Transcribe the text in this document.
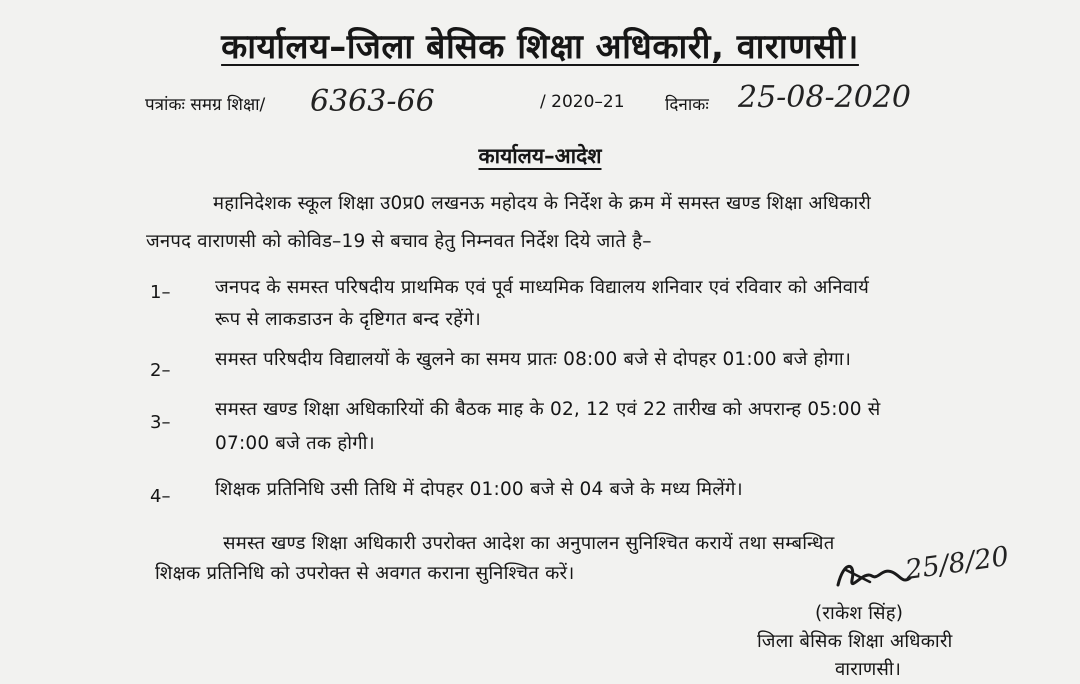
कार्यालय–जिला बेसिक शिक्षा अधिकारी, वाराणसी।
पत्रांकः समग्र शिक्षा/ 6363-66	/ 2020–21 दिनाकः 25-08-2020
कार्यालय–आदेश
महानिदेशक स्कूल शिक्षा उ0प्र0 लखनऊ महोदय के निर्देश के क्रम में समस्त खण्ड शिक्षा अधिकारी
जनपद वाराणसी को कोविड–19 से बचाव हेतु निम्नवत निर्देश दिये जाते है–
1– जनपद के समस्त परिषदीय प्राथमिक एवं पूर्व माध्यमिक विद्यालय शनिवार एवं रविवार को अनिवार्य
रूप से लाकडाउन के दृष्टिगत बन्द रहेंगे।
2–
समस्त परिषदीय विद्यालयों के खुलने का समय प्रातः 08:00 बजे से दोपहर 01:00 बजे होगा।
3–
समस्त खण्ड शिक्षा अधिकारियों की बैठक माह के 02, 12 एवं 22 तारीख को अपरान्ह 05:00 से
07:00 बजे तक होगी।
4– शिक्षक प्रतिनिधि उसी तिथि में दोपहर 01:00 बजे से 04 बजे के मध्य मिलेंगे।
समस्त खण्ड शिक्षा अधिकारी उपरोक्त आदेश का अनुपालन सुनिश्चित करायें तथा सम्बन्धित
शिक्षक प्रतिनिधि को उपरोक्त से अवगत कराना सुनिश्चित करें।	25/8/20
(राकेश सिंह)
जिला बेसिक शिक्षा अधिकारी
वाराणसी।
